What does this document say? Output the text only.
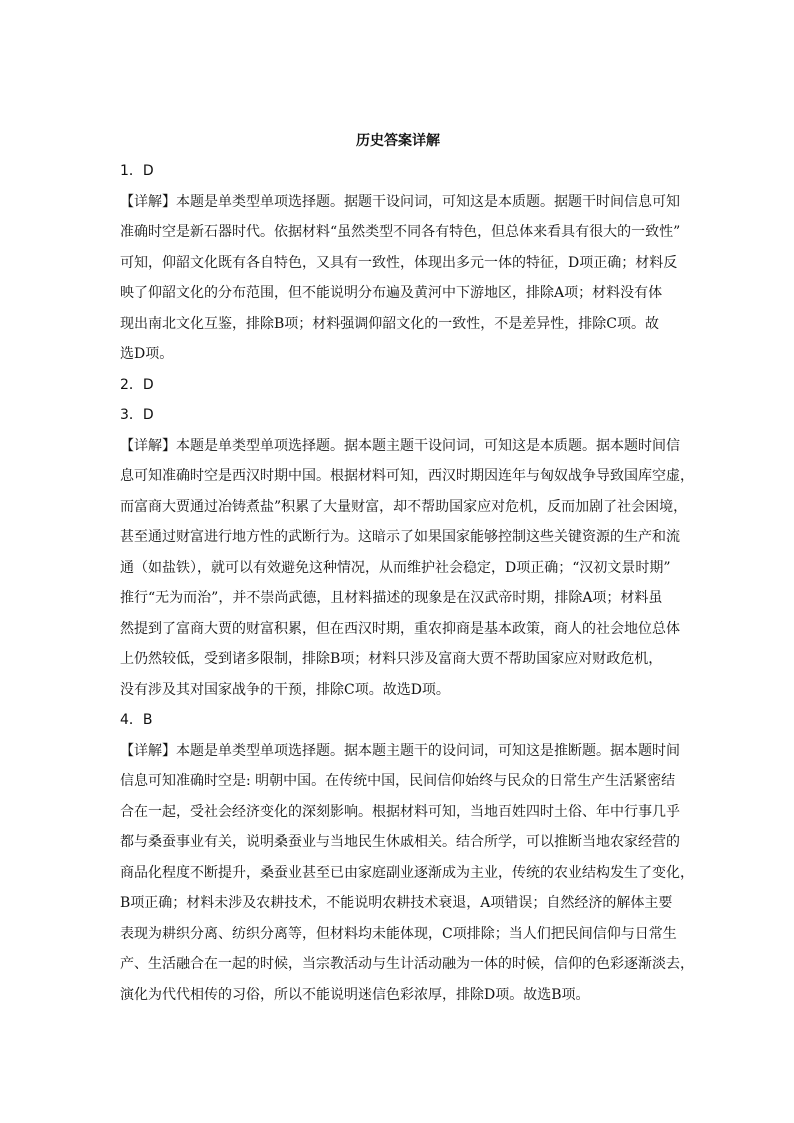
历史答案详解
1．D
【详解】本题是单类型单项选择题。据题干设问词，可知这是本质题。据题干时间信息可知
准确时空是新石器时代。依据材料“虽然类型不同各有特色，但总体来看具有很大的一致性”
可知，仰韶文化既有各自特色，又具有一致性，体现出多元一体的特征，D项正确；材料反
映了仰韶文化的分布范围，但不能说明分布遍及黄河中下游地区，排除A项；材料没有体
现出南北文化互鉴，排除B项；材料强调仰韶文化的一致性，不是差异性，排除C项。故
选D项。
2．D
3．D
【详解】本题是单类型单项选择题。据本题主题干设问词，可知这是本质题。据本题时间信
息可知准确时空是西汉时期中国。根据材料可知，西汉时期因连年与匈奴战争导致国库空虚，
而富商大贾通过冶铸煮盐”积累了大量财富，却不帮助国家应对危机，反而加剧了社会困境，
甚至通过财富进行地方性的武断行为。这暗示了如果国家能够控制这些关键资源的生产和流
通（如盐铁），就可以有效避免这种情况，从而维护社会稳定，D项正确；“汉初文景时期”
推行“无为而治”，并不崇尚武德，且材料描述的现象是在汉武帝时期，排除A项；材料虽
然提到了富商大贾的财富积累，但在西汉时期，重农抑商是基本政策，商人的社会地位总体
上仍然较低，受到诸多限制，排除B项；材料只涉及富商大贾不帮助国家应对财政危机，
没有涉及其对国家战争的干预，排除C项。故选D项。
4．B
【详解】本题是单类型单项选择题。据本题主题干的设问词，可知这是推断题。据本题时间
信息可知准确时空是: 明朝中国。在传统中国，民间信仰始终与民众的日常生产生活紧密结
合在一起，受社会经济变化的深刻影响。根据材料可知，当地百姓四时土俗、年中行事几乎
都与桑蚕事业有关，说明桑蚕业与当地民生休戚相关。结合所学，可以推断当地农家经营的
商品化程度不断提升，桑蚕业甚至已由家庭副业逐渐成为主业，传统的农业结构发生了变化，
B项正确；材料未涉及农耕技术，不能说明农耕技术衰退，A项错误；自然经济的解体主要
表现为耕织分离、纺织分离等，但材料均未能体现，C项排除；当人们把民间信仰与日常生
产、生活融合在一起的时候，当宗教活动与生计活动融为一体的时候，信仰的色彩逐渐淡去，
演化为代代相传的习俗，所以不能说明迷信色彩浓厚，排除D项。故选B项。
